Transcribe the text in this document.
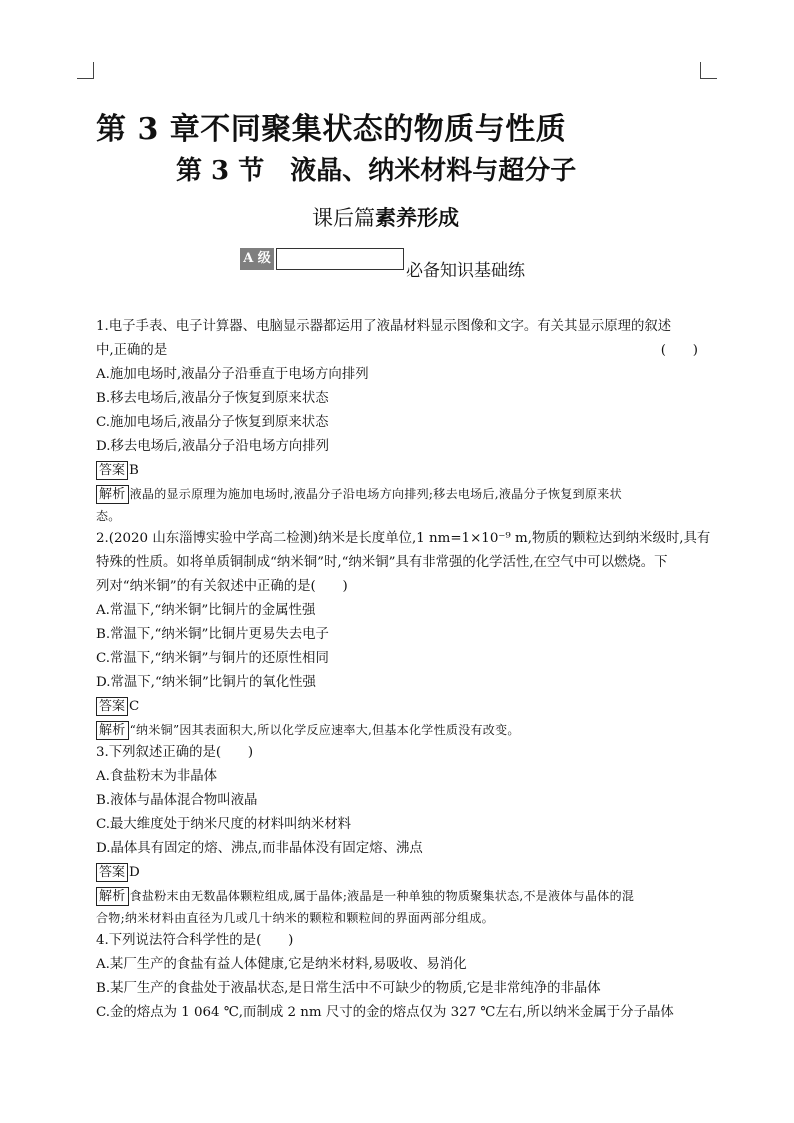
第 3 章不同聚集状态的物质与性质
第 3 节　液晶、纳米材料与超分子
课后篇素养形成
A 级
必备知识基础练
1.电子手表、电子计算器、电脑显示器都运用了液晶材料显示图像和文字。有关其显示原理的叙述
中,正确的是	(　　)
A.施加电场时,液晶分子沿垂直于电场方向排列
B.移去电场后,液晶分子恢复到原来状态
C.施加电场后,液晶分子恢复到原来状态
D.移去电场后,液晶分子沿电场方向排列
答案 B
解析 液晶的显示原理为施加电场时,液晶分子沿电场方向排列;移去电场后,液晶分子恢复到原来状
态。
2.(2020 山东淄博实验中学高二检测)纳米是长度单位,1 nm=1×10⁻⁹ m,物质的颗粒达到纳米级时,具有
特殊的性质。如将单质铜制成“纳米铜”时,“纳米铜”具有非常强的化学活性,在空气中可以燃烧。下
列对“纳米铜”的有关叙述中正确的是(　　)
A.常温下,“纳米铜”比铜片的金属性强
B.常温下,“纳米铜”比铜片更易失去电子
C.常温下,“纳米铜”与铜片的还原性相同
D.常温下,“纳米铜”比铜片的氧化性强
答案 C
解析 “纳米铜”因其表面积大,所以化学反应速率大,但基本化学性质没有改变。
3.下列叙述正确的是(　　)
A.食盐粉末为非晶体
B.液体与晶体混合物叫液晶
C.最大维度处于纳米尺度的材料叫纳米材料
D.晶体具有固定的熔、沸点,而非晶体没有固定熔、沸点
答案 D
解析 食盐粉末由无数晶体颗粒组成,属于晶体;液晶是一种单独的物质聚集状态,不是液体与晶体的混
合物;纳米材料由直径为几或几十纳米的颗粒和颗粒间的界面两部分组成。
4.下列说法符合科学性的是(　　)
A.某厂生产的食盐有益人体健康,它是纳米材料,易吸收、易消化
B.某厂生产的食盐处于液晶状态,是日常生活中不可缺少的物质,它是非常纯净的非晶体
C.金的熔点为 1 064 ℃,而制成 2 nm 尺寸的金的熔点仅为 327 ℃左右,所以纳米金属于分子晶体
